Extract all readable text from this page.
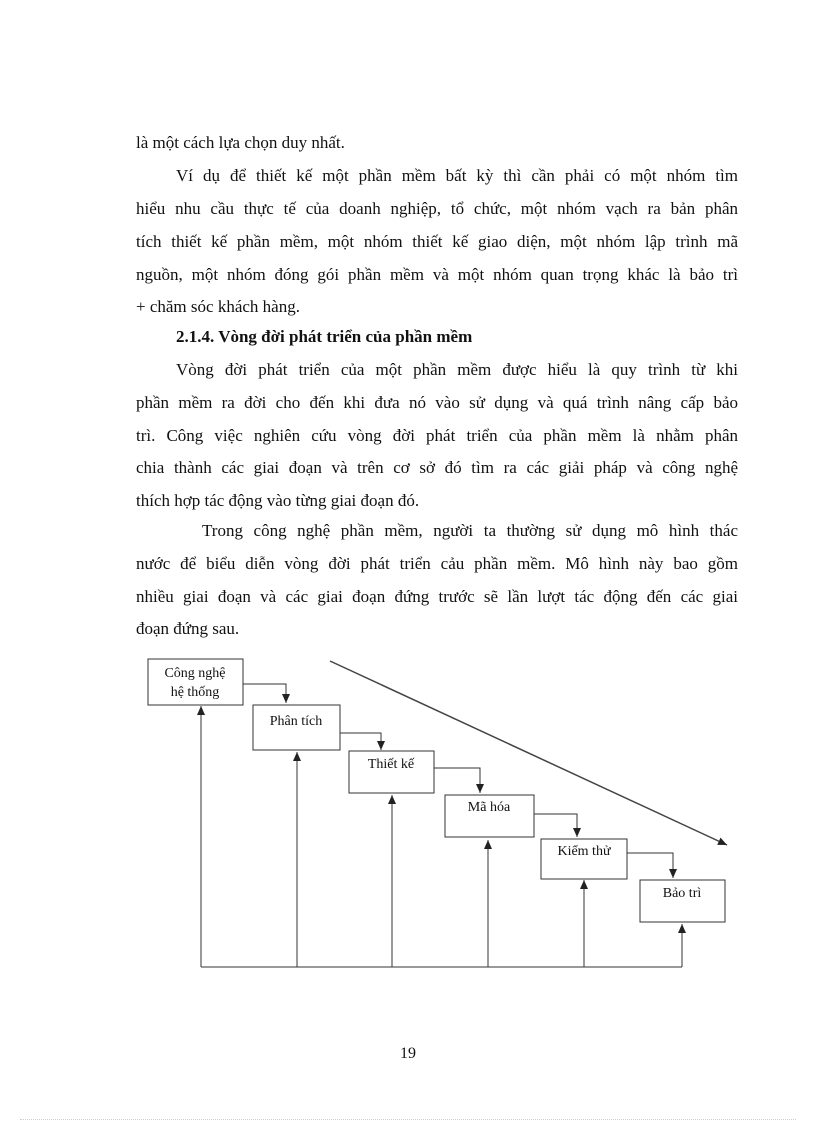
là một cách lựa chọn duy nhất.
Ví dụ để thiết kế một phần mềm bất kỳ thì cần phải có một nhóm tìm
hiểu nhu cầu thực tế của doanh nghiệp, tổ chức, một nhóm vạch ra bản phân
tích thiết kế phần mềm, một nhóm thiết kế giao diện, một nhóm lập trình mã
nguồn, một nhóm đóng gói phần mềm và một nhóm quan trọng khác là bảo trì
+ chăm sóc khách hàng.
2.1.4. Vòng đời phát triển của phần mềm
Vòng đời phát triển của một phần mềm được hiểu là quy trình từ khi
phần mềm ra đời cho đến khi đưa nó vào sử dụng và quá trình nâng cấp bảo
trì. Công việc nghiên cứu vòng đời phát triển của phần mềm là nhằm phân
chia thành các giai đoạn và trên cơ sở đó tìm ra các giải pháp và công nghệ
thích hợp tác động vào từng giai đoạn đó.
Trong công nghệ phần mềm, người ta thường sử dụng mô hình thác
nước để biểu diễn vòng đời phát triển cảu phần mềm. Mô hình này bao gồm
nhiều giai đoạn và các giai đoạn đứng trước sẽ lần lượt tác động đến các giai
đoạn đứng sau.
Công nghệ
hệ thống
Phân tích
Thiết kế
Mã hóa
Kiểm thử
Bảo trì
19
